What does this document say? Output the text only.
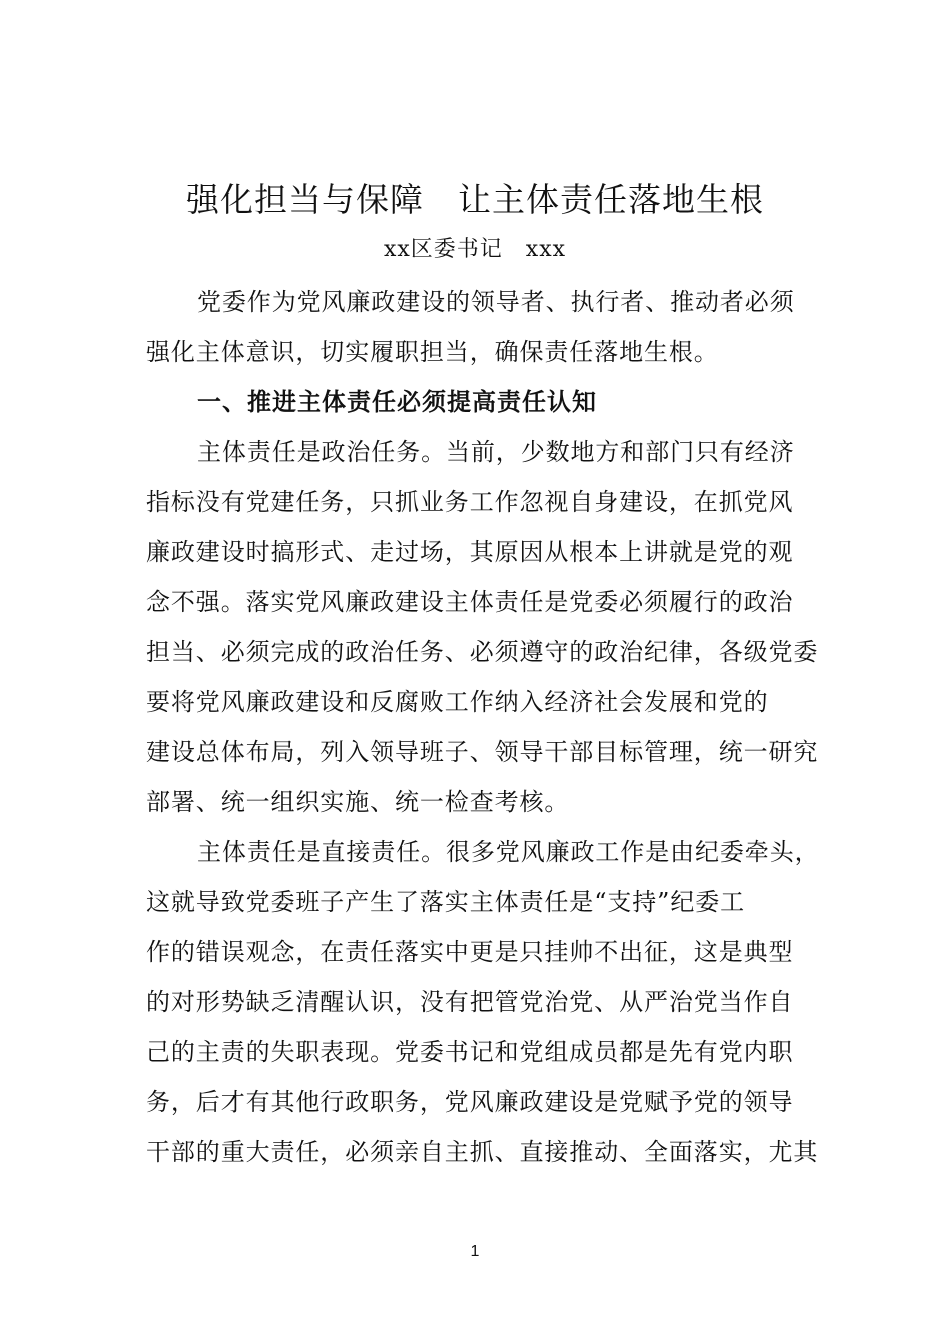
强化担当与保障　让主体责任落地生根
xx区委书记　xxx

党委作为党风廉政建设的领导者、执行者、推动者必须
强化主体意识，切实履职担当，确保责任落地生根。

一、推进主体责任必须提高责任认知

主体责任是政治任务。当前，少数地方和部门只有经济
指标没有党建任务，只抓业务工作忽视自身建设，在抓党风
廉政建设时搞形式、走过场，其原因从根本上讲就是党的观
念不强。落实党风廉政建设主体责任是党委必须履行的政治
担当、必须完成的政治任务、必须遵守的政治纪律，各级党委
要将党风廉政建设和反腐败工作纳入经济社会发展和党的
建设总体布局，列入领导班子、领导干部目标管理，统一研究
部署、统一组织实施、统一检查考核。

主体责任是直接责任。很多党风廉政工作是由纪委牵头，
这就导致党委班子产生了落实主体责任是“支持”纪委工
作的错误观念，在责任落实中更是只挂帅不出征，这是典型
的对形势缺乏清醒认识，没有把管党治党、从严治党当作自
己的主责的失职表现。党委书记和党组成员都是先有党内职
务，后才有其他行政职务，党风廉政建设是党赋予党的领导
干部的重大责任，必须亲自主抓、直接推动、全面落实，尤其

1
